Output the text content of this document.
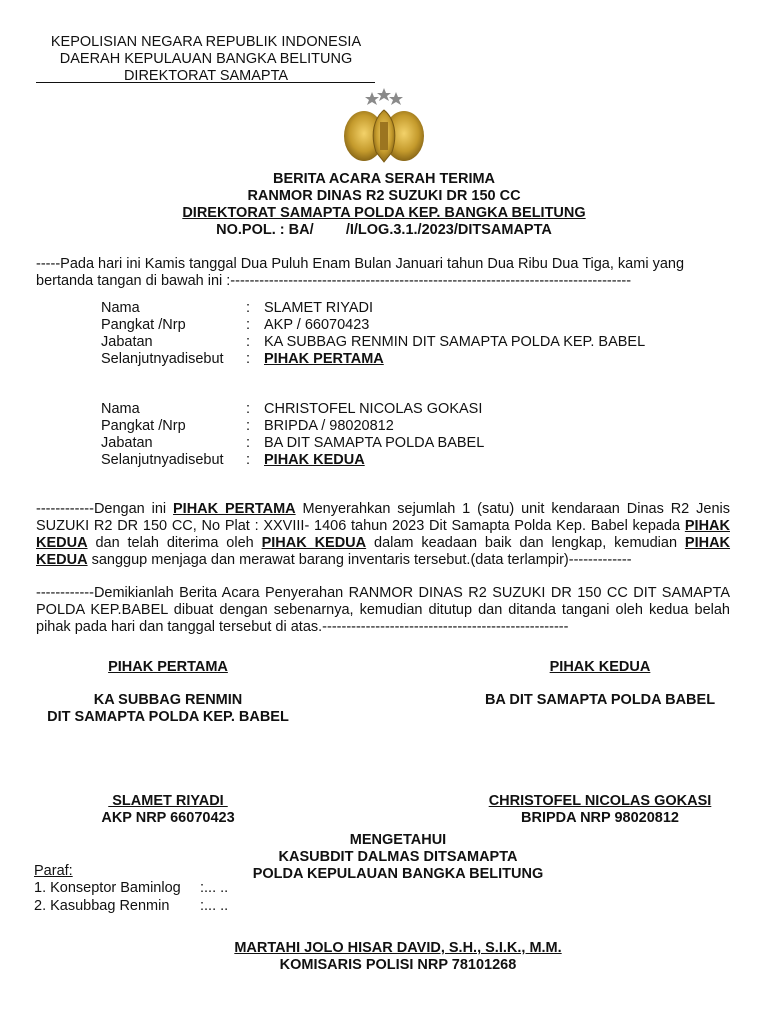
KEPOLISIAN NEGARA REPUBLIK INDONESIA
DAERAH KEPULAUAN BANGKA BELITUNG
DIREKTORAT SAMAPTA
BERITA ACARA SERAH TERIMA
RANMOR DINAS R2 SUZUKI DR 150 CC
DIREKTORAT SAMAPTA POLDA KEP. BANGKA BELITUNG
NO.POL. : BA/        /I/LOG.3.1./2023/DITSAMAPTA
-----Pada hari ini Kamis tanggal Dua Puluh Enam Bulan Januari tahun Dua Ribu Dua Tiga, kami yang bertanda tangan di bawah ini :-----------------------------------------------------------------------------------
Nama	: SLAMET RIYADI
Pangkat /Nrp	: AKP / 66070423
Jabatan	: KA SUBBAG RENMIN DIT SAMAPTA POLDA KEP. BABEL
Selanjutnyadisebut : PIHAK PERTAMA
Nama	: CHRISTOFEL NICOLAS GOKASI
Pangkat /Nrp	: BRIPDA / 98020812
Jabatan	: BA DIT SAMAPTA POLDA BABEL
Selanjutnyadisebut : PIHAK KEDUA
------------Dengan ini PIHAK PERTAMA Menyerahkan sejumlah 1 (satu) unit kendaraan Dinas R2 Jenis SUZUKI R2 DR 150 CC, No Plat : XXVIII- 1406 tahun 2023 Dit Samapta Polda Kep. Babel kepada PIHAK KEDUA dan telah diterima oleh PIHAK KEDUA dalam keadaan baik dan lengkap, kemudian PIHAK KEDUA sanggup menjaga dan merawat barang inventaris tersebut.(data terlampir)-------------
------------Demikianlah Berita Acara Penyerahan RANMOR DINAS R2 SUZUKI DR 150 CC DIT SAMAPTA POLDA KEP.BABEL dibuat dengan sebenarnya, kemudian ditutup dan ditanda tangani oleh kedua belah pihak pada hari dan tanggal tersebut di atas.---------------------------------------------------
PIHAK PERTAMA
KA SUBBAG RENMIN
DIT SAMAPTA POLDA KEP. BABEL
SLAMET RIYADI
AKP NRP 66070423
PIHAK KEDUA
BA DIT SAMAPTA POLDA BABEL
CHRISTOFEL NICOLAS GOKASI
BRIPDA NRP 98020812
MENGETAHUI
KASUBDIT DALMAS DITSAMAPTA
POLDA KEPULAUAN BANGKA BELITUNG
MARTAHI JOLO HISAR DAVID, S.H., S.I.K., M.M.
KOMISARIS POLISI NRP 78101268
Paraf:
1. Konseptor Baminlog :... ..
2. Kasubbag Renmin :... ..
